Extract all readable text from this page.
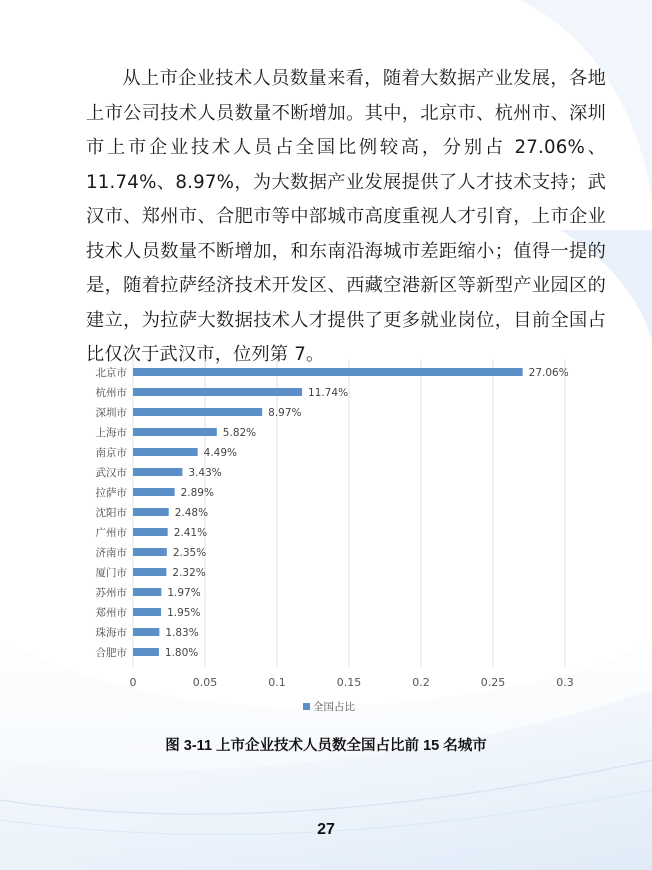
从上市企业技术人员数量来看，随着大数据产业发展，各地上市公司技术人员数量不断增加。其中，北京市、杭州市、深圳市上市企业技术人员占全国比例较高，分别占 27.06%、11.74%、8.97%，为大数据产业发展提供了人才技术支持；武汉市、郑州市、合肥市等中部城市高度重视人才引育，上市企业技术人员数量不断增加，和东南沿海城市差距缩小；值得一提的是，随着拉萨经济技术开发区、西藏空港新区等新型产业园区的建立，为拉萨大数据技术人才提供了更多就业岗位，目前全国占比仅次于武汉市，位列第 7。

0	0.05	0.1	0.15	0.2	0.25	0.3
北京市	27.06%
杭州市	11.74%
深圳市	8.97%
上海市	5.82%
南京市	4.49%
武汉市	3.43%
拉萨市	2.89%
沈阳市	2.48%
广州市	2.41%
济南市	2.35%
厦门市	2.32%
苏州市	1.97%
郑州市	1.95%
珠海市	1.83%
合肥市	1.80%
全国占比
图 3-11 上市企业技术人员数全国占比前 15 名城市
27
